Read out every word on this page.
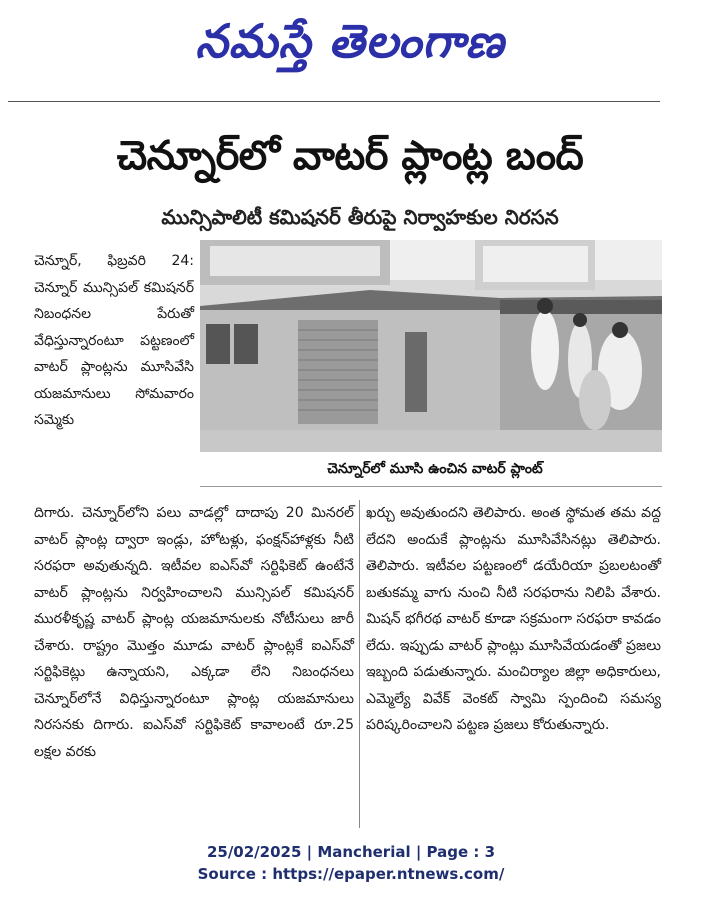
నమస్తే తెలంగాణ
చెన్నూర్‌లో వాటర్ ప్లాంట్ల బంద్
మున్సిపాలిటీ కమిషనర్ తీరుపై నిర్వాహకుల నిరసన

చెన్నూర్, ఫిబ్రవరి 24: చెన్నూర్ మున్సిపల్ కమిషనర్ నిబంధనల పేరుతో వేధిస్తున్నారంటూ పట్టణంలో వాటర్ ప్లాంట్లను మూసివేసి యజమానులు సోమవారం సమ్మెకు

చెన్నూర్‌లో మూసి ఉంచిన వాటర్ ప్లాంట్

దిగారు. చెన్నూర్‌లోని పలు వాడల్లో దాదాపు 20 మినరల్ వాటర్ ప్లాంట్ల ద్వారా ఇండ్లు, హోటళ్లు, ఫంక్షన్‌హాళ్లకు నీటి సరఫరా అవుతున్నది. ఇటీవల ఐఎస్‌వో సర్టిఫికెట్ ఉంటేనే వాటర్ ప్లాంట్లను నిర్వహించాలని మున్సిపల్ కమిషనర్ మురళీకృష్ణ వాటర్ ప్లాంట్ల యజమానులకు నోటీసులు జారీ చేశారు. రాష్ట్రం మొత్తం మూడు వాటర్ ప్లాంట్లకే ఐఎస్‌వో సర్టిఫికెట్లు ఉన్నాయని, ఎక్కడా లేని నిబంధనలు చెన్నూర్‌లోనే విధిస్తున్నారంటూ ప్లాంట్ల యజమానులు నిరసనకు దిగారు. ఐఎస్‌వో సర్టిఫికెట్ కావాలంటే రూ.25 లక్షల వరకు

ఖర్చు అవుతుందని తెలిపారు. అంత స్థోమత తమ వద్ద లేదని అందుకే ప్లాంట్లను మూసివేసినట్లు తెలిపారు. తెలిపారు. ఇటీవల పట్టణంలో డయేరియా ప్రబలటంతో బతుకమ్మ వాగు నుంచి నీటి సరఫరాను నిలిపి వేశారు. మిషన్ భగీరథ వాటర్ కూడా సక్రమంగా సరఫరా కావడం లేదు. ఇప్పుడు వాటర్ ప్లాంట్లు మూసివేయడంతో ప్రజలు ఇబ్బంది పడుతున్నారు. మంచిర్యాల జిల్లా అధికారులు, ఎమ్మెల్యే వివేక్ వెంకట్ స్వామి స్పందించి సమస్య పరిష్కరించాలని పట్టణ ప్రజలు కోరుతున్నారు.

25/02/2025 | Mancherial | Page : 3
Source : https://epaper.ntnews.com/
